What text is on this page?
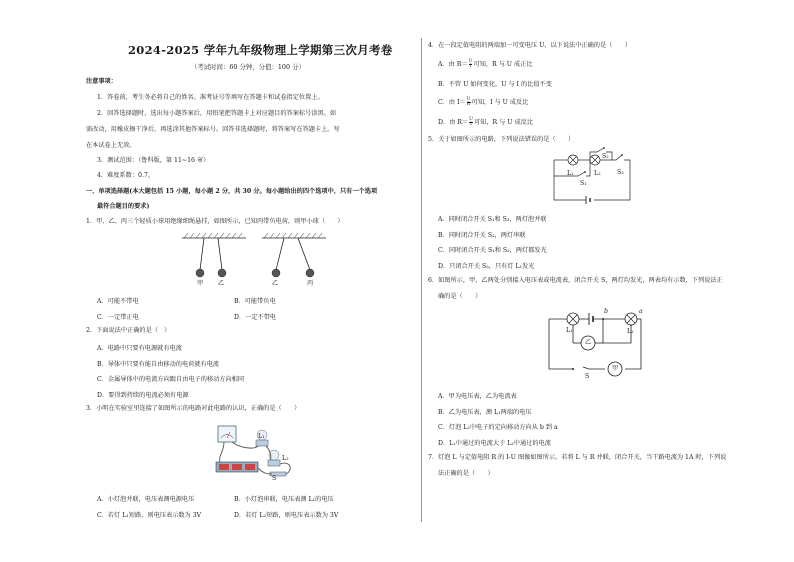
2024-2025 学年九年级物理上学期第三次月考卷
（考试时间：60 分钟，分值：100 分）
注意事项：
1．答卷前，考生务必将自己的姓名、准考证号等填写在答题卡和试卷指定位置上。
2．回答选择题时，选出每小题答案后，用铅笔把答题卡上对应题目的答案标号涂黑。如
需改动，用橡皮擦干净后，再选涂其他答案标号。回答非选择题时，将答案写在答题卡上。写
在本试卷上无效。
3．测试范围：（鲁科版，第 11~16 章）
4．难度系数：0.7。
一、单项选择题(本大题包括 15 小题，每小题 2 分，共 30 分。每小题给出的四个选项中，只有一个选项
最符合题目的要求)
1．甲、乙、丙三个轻质小球用绝缘细绳悬挂，如图所示，已知丙带负电荷，则甲小球（　　）
甲 乙	乙	丙
A．可能不带电	B．可能带负电
C．一定带正电	D．一定不带电
2．下面说法中正确的是（　）
A．电路中只要有电源就有电流
B．导体中只要有能自由移动的电荷就有电流
C．金属导体中的电流方向跟自由电子的移动方向相同
D．要得到持续的电流必须有电源
3．小明在实验室里连接了如图所示的电路对此电路的认识，正确的是（　　）
L₁
L₂
S
A．小灯泡并联，电压表测电源电压	B．小灯泡串联，电压表测 L₁的电压
C．若灯 L₁短路，则电压表示数为 3V	D．若灯 L₂短路，则电压表示数为 3V
4．在一段定值电阻的两端加一可变电压 U，以下说法中正确的是（　　）
A．由 $R= \frac{U}{I}$ 可知，R 与 U 成正比
B．不管 U 如何变化，U 与 I 的比值不变
C．由 $I= \frac{U}{R}$ 可知，I 与 U 成反比
D．由 $R= \frac{U}{I}$ 可知，R 与 U 成反比
5．关于如图所示的电路，下列说法错误的是（　　）
S₂
L₁	L₂
S₁
S₃
A．同时闭合开关 S₁和 S₃，两灯泡并联
B．同时闭合开关 S₂，两灯串联
C．同时闭合开关 S₁和 S₂，两灯都发光
D．只闭合开关 S₃，只有灯 L₁发光
6．如图所示，甲、乙两处分别接入电压表或电流表，闭合开关 S，两灯均发光，两表均有示数，下列说法正
确的是（　　）
b	a
L₁	L₂
乙
甲
S
A．甲为电压表，乙为电流表
B．乙为电压表，测 L₁两端的电压
C．灯泡 L₂中电子的定向移动方向从 b 到 a
D．L₁中通过的电流大于 L₂中通过的电流
7．灯泡 L 与定值电阻 R 的 I-U 图像如图所示。若将 L 与 R 并联，闭合开关，当干路电流为 1A 时，下列说
法正确的是（　　）
